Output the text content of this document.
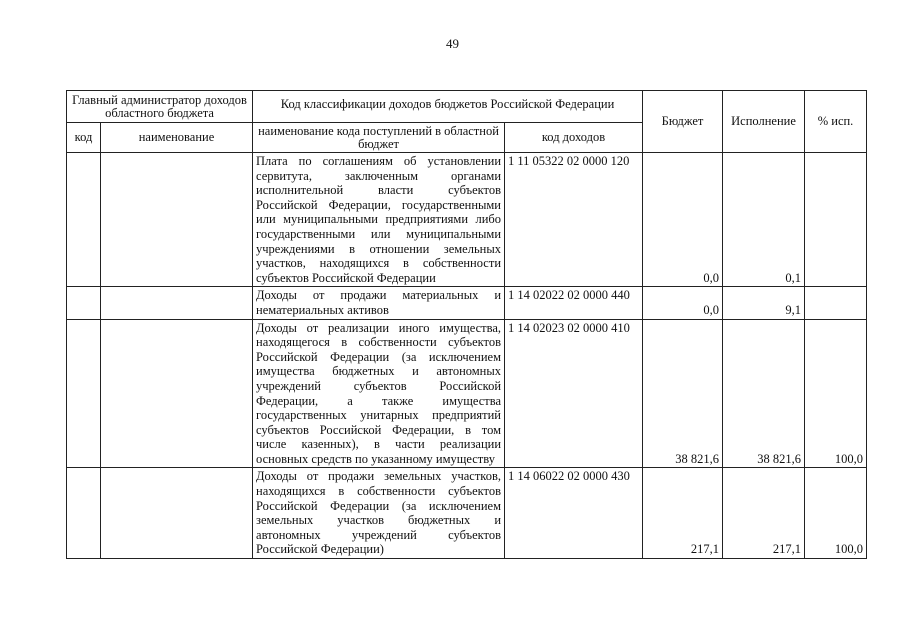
49
Главный администратор доходов областного бюджета		Код классификации доходов бюджетов Российской Федерации		Бюджет	Исполнение	% исп.
код	наименование	наименование кода поступлений в областной бюджет	код доходов			
		Плата по соглашениям об установлении сервитута, заключенным органами исполнительной власти субъектов Российской Федерации, государственными или муниципальными предприятиями либо государственными или муниципальными учреждениями в отношении земельных участков, находящихся в собственности субъектов Российской Федерации	1 11 05322 02 0000 120	0,0	0,1	
		Доходы от продажи материальных и нематериальных активов	1 14 02022 02 0000 440	0,0	9,1	
		Доходы от реализации иного имущества, находящегося в собственности субъектов Российской Федерации (за исключением имущества бюджетных и автономных учреждений субъектов Российской Федерации, а также имущества государственных унитарных предприятий субъектов Российской Федерации, в том числе казенных), в части реализации основных средств по указанному имуществу	1 14 02023 02 0000 410	38 821,6	38 821,6	100,0
		Доходы от продажи земельных участков, находящихся в собственности субъектов Российской Федерации (за исключением земельных участков бюджетных и автономных учреждений субъектов Российской Федерации)	1 14 06022 02 0000 430	217,1	217,1	100,0
